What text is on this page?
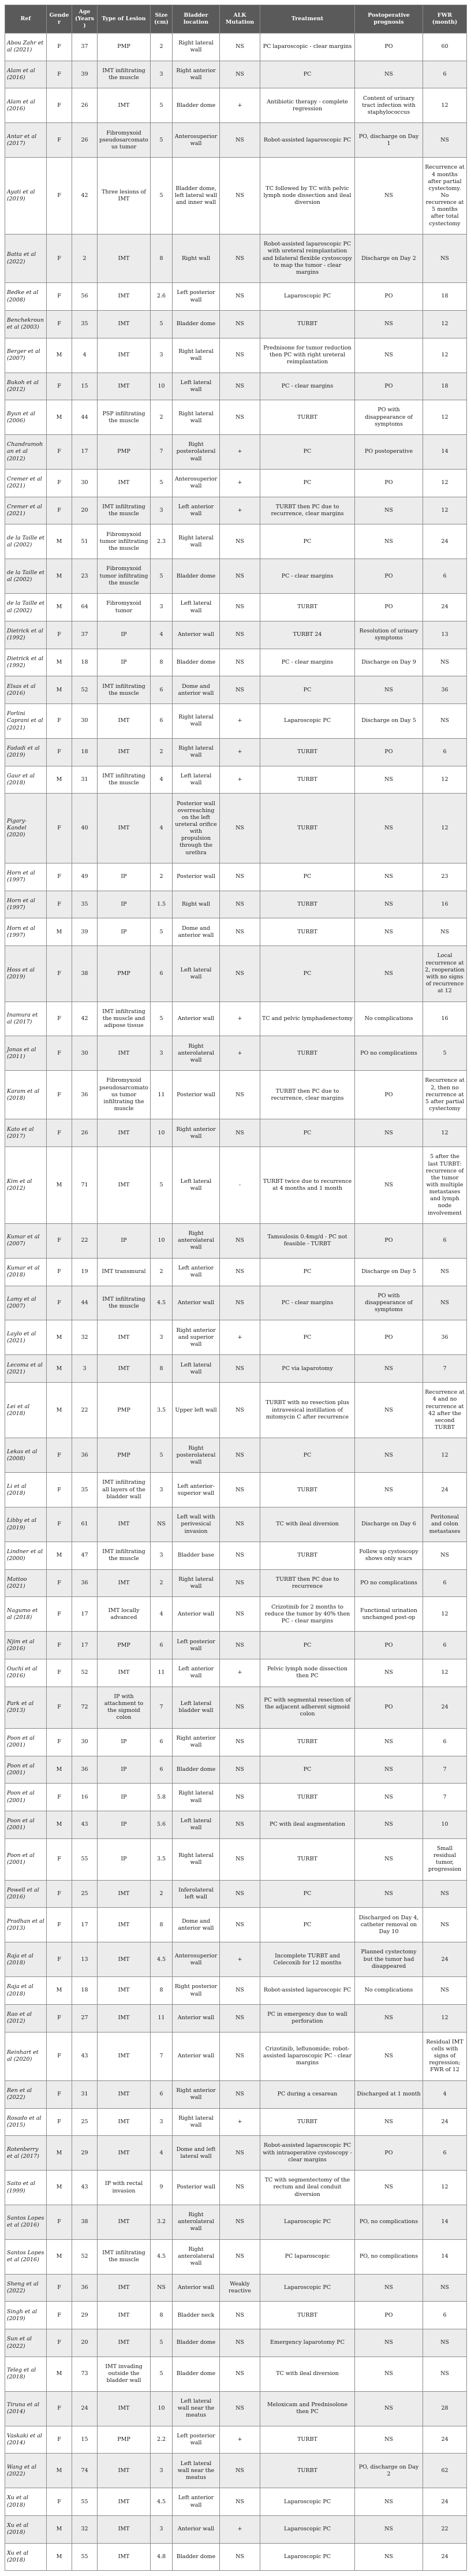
Ref	Gender	Age (Years)	Type of Lesion	Size (cm)	Bladder location	ALK Mutation	Treatment	Postoperative prognosis	FWR (month)
Abou Zahr et al (2021)	F	37	PMP	2	Right lateral wall	NS	PC laparoscopic - clear margins	PO	60
Alam et al (2016)	F	39	IMT infiltrating the muscle	3	Right anterior wall	NS	PC	NS	6
Alam et al (2016)	F	26	IMT	5	Bladder dome	+	Antibiotic therapy - complete regression	Content of urinary tract infection with staphylococcus	12
Antar et al (2017)	F	26	Fibromyxoid pseudosarcomatous tumor	5	Anterosuperior wall	NS	Robot-assisted laparoscopic PC	PO, discharge on Day 1	NS
Ayati et al (2019)	F	42	Three lesions of IMT	5	Bladder dome, left lateral wall and inner wall	NS	TC followed by TC with pelvic lymph node dissection and ileal diversion	NS	Recurrence at 4 months after partial cystectomy. No recurrence at 5 months after total cystectomy
Batta et al (2022)	F	2	IMT	8	Right wall	NS	Robot-assisted laparoscopic PC with ureteral reimplantation and bilateral flexible cystoscopy to map the tumor - clear margins	Discharge on Day 2	NS
Bedke et al (2008)	F	56	IMT	2.6	Left posterior wall	NS	Laparoscopic PC	PO	18
Benchekroun et al (2003)	F	35	IMT	5	Bladder dome	NS	TURBT	NS	12
Berger et al (2007)	M	4	IMT	3	Right lateral wall	NS	Prednisone for tumor reduction then PC with right ureteral reimplantation	NS	12
Bukoh et al (2012)	F	15	IMT	10	Left lateral wall	NS	PC - clear margins	PO	18
Byun et al (2006)	M	44	PSP infiltrating the muscle	2	Right lateral wall	NS	TURBT	PO with disappearance of symptoms	12
Chandramohan et al (2012)	F	17	PMP	7	Right posterolateral wall	+	PC	PO postoperative	14
Cremer et al (2021)	F	30	IMT	5	Anterosuperior wall	+	PC	PO	12
Cremer et al (2021)	F	20	IMT infiltrating the muscle	3	Left anterior wall	+	TURBT then PC due to recurrence, clear margins	NS	12
de la Taille et al (2002)	M	51	Fibromyxoid tumor infiltrating the muscle	2.3	Right lateral wall	NS	PC	NS	24
de la Taille et al (2002)	M	23	Fibromyxoid tumor infiltrating the muscle	5	Bladder dome	NS	PC - clear margins	PO	6
de la Taille et al (2002)	M	64	Fibromyxoid tumor	3	Left lateral wall	NS	TURBT	PO	24
Dietrick et al (1992)	F	37	IP	4	Anterior wall	NS	TURBT 24	Resolution of urinary symptoms	13
Dietrick et al (1992)	M	18	IP	8	Bladder dome	NS	PC - clear margins	Discharge on Day 9	NS
Elsas et al (2016)	M	52	IMT infiltrating the muscle	6	Dome and anterior wall	NS	PC	NS	36
Forlini Caprani et al (2021)	F	30	IMT	6	Right lateral wall	+	Laparoscopic PC	Discharge on Day 5	NS
Fadadi et al (2019)	F	18	IMT	2	Right lateral wall	+	TURBT	PO	6
Gaur et al (2018)	M	31	IMT infiltrating the muscle	4	Left lateral wall	+	TURBT	NS	12
Pigary-Kandel (2020)	F	40	IMT	4	Posterior wall overreaching on the left ureteral orifice with propulsion through the urethra	NS	TURBT	NS	12
Horn et al (1997)	F	49	IP	2	Posterior wall	NS	PC	NS	23
Horn et al (1997)	F	35	IP	1.5	Right wall	NS	TURBT	NS	16
Horn et al (1997)	M	39	IP	5	Dome and anterior wall	NS	TURBT	NS	NS
Hoss et al (2019)	F	38	PMP	6	Left lateral wall	NS	PC	NS	Local recurrence at 2, reoperation with no signs of recurrence at 12
Inamura et al (2017)	F	42	IMT infiltrating the muscle and adipose tissue	5	Anterior wall	+	TC and pelvic lymphadenectomy	No complications	16
Jonas et al (2011)	F	30	IMT	3	Right anterolateral wall	+	TURBT	PO no complications	5
Karam et al (2018)	F	36	Fibromyxoid pseudosarcomatous tumor infiltrating the muscle	11	Posterior wall	NS	TURBT then PC due to recurrence, clear margins	PO	Recurrence at 2, then no recurrence at 5 after partial cystectomy
Kato et al (2017)	F	26	IMT	10	Right anterior wall	NS	PC	NS	12
Kim et al (2012)	M	71	IMT	5	Left lateral wall	-	TURBT twice due to recurrence at 4 months and 1 month	NS	5 after the last TURBT: recurrence of the tumor with multiple metastases and lymph node involvement
Kumar et al (2007)	F	22	IP	10	Right anterolateral wall	NS	Tamsulosin 0.4mg/d - PC not feasible - TURBT	PO	6
Kumar et al (2018)	F	19	IMT transmural	2	Left anterior wall	NS	PC	Discharge on Day 5	NS
Lamy et al (2007)	F	44	IMT infiltrating the muscle	4.5	Anterior wall	NS	PC - clear margins	PO with disappearance of symptoms	NS
Laylo et al (2021)	M	32	IMT	3	Right anterior and superior wall	+	PC	PO	36
Lecoma et al (2021)	M	3	IMT	8	Left lateral wall	NS	PC via laparotomy	NS	7
Lei et al (2018)	M	22	PMP	3.5	Upper left wall	NS	TURBT with no resection plus intravesical instillation of mitomycin C after recurrence	NS	Recurrence at 4 and no recurrence at 42 after the second TURBT
Lekas et al (2008)	F	36	PMP	5	Right posterolateral wall	NS	PC	NS	12
Li et al (2018)	F	35	IMT infiltrating all layers of the bladder wall	3	Left anterior-superior wall	NS	TURBT	NS	24
Libby et al (2019)	F	61	IMT	NS	Left wall with perivesical invasion	NS	TC with ileal diversion	Discharge on Day 6	Peritoneal and colon metastases
Lindner et al (2000)	M	47	IMT infiltrating the muscle	3	Bladder base	NS	TURBT	Follow up cystoscopy shows only scars	NS
Mattoo (2021)	F	36	IMT	2	Right lateral wall	NS	TURBT then PC due to recurrence	PO no complications	6
Nagumo et al (2018)	F	17	IMT locally advanced	4	Anterior wall	NS	Crizotinib for 2 months to reduce the tumor by 40% then PC - clear margins	Functional urination unchanged post-op	12
Njim et al (2016)	F	17	PMP	6	Left posterior wall	NS	PC	PO	6
Ouchi et al (2016)	F	52	IMT	11	Left anterior wall	+	Pelvic lymph node dissection then PC	NS	12
Park et al (2013)	F	72	IP with attachment to the sigmoid colon	7	Left lateral bladder wall	NS	PC with segmental resection of the adjacent adherent sigmoid colon	PO	24
Poon et al (2001)	F	30	IP	6	Right anterior wall	NS	TURBT	NS	6
Poon et al (2001)	M	36	IP	6	Bladder dome	NS	PC	NS	7
Poon et al (2001)	F	16	IP	5.8	Right lateral wall	NS	TURBT	NS	7
Poon et al (2001)	M	43	IP	5.6	Left lateral wall	NS	PC with ileal augmentation	NS	10
Poon et al (2001)	F	55	IP	3.5	Right lateral wall	NS	TURBT	NS	Small residual tumor, progression
Powell et al (2016)	F	25	IMT	2	Inferolateral left wall	NS	PC	NS	NS
Pradhan et al (2013)	F	17	IMT	8	Dome and anterior wall	NS	PC	Discharged on Day 4, catheter removal on Day 10	NS
Raja et al (2018)	F	13	IMT	4.5	Anterosuperior wall	+	Incomplete TURBT and Celecoxib for 12 months	Planned cystectomy but the tumor had disappeared	24
Raja et al (2018)	M	18	IMT	8	Right posterior wall	NS	Robot-assisted laparoscopic PC	No complications	NS
Rao et al (2012)	F	27	IMT	11	Anterior wall	NS	PC in emergency due to wall perforation	NS	12
Reinhart et al (2020)	F	43	IMT	7	Anterior wall	NS	Crizotinib, leflunomide; robot-assisted laparoscopic PC - clear margins	NS	Residual IMT cells with signs of regression; FWR of 12
Ren et al (2022)	F	31	IMT	6	Right anterior wall	NS	PC during a cesarean	Discharged at 1 month	4
Rosado et al (2015)	F	25	IMT	3	Right lateral wall	+	TURBT	NS	24
Rotenberry et al (2017)	M	29	IMT	4	Dome and left lateral wall	NS	Robot-assisted laparoscopic PC with intraoperative cystoscopy - clear margins	PO	6
Saito et al (1999)	M	43	IP with rectal invasion	9	Posterior wall	NS	TC with segmentectomy of the rectum and ileal conduit diversion	NS	12
Santos Lopes et al (2016)	F	38	IMT	3.2	Right anterolateral wall	NS	Laparoscopic PC	PO, no complications	14
Santos Lopes et al (2016)	M	52	IMT infiltrating the muscle	4.5	Right anterolateral wall	NS	PC laparoscopic	PO, no complications	14
Sheng et al (2022)	F	36	IMT	NS	Anterior wall	Weakly reactive	Laparoscopic PC	NS	NS
Singh et al (2019)	F	29	IMT	8	Bladder neck	NS	TURBT	PO	6
Sun et al (2022)	F	20	IMT	5	Bladder dome	NS	Emergency laparotomy PC	NS	NS
Teleg et al (2018)	M	73	IMT invading outside the bladder wall	5	Bladder dome	NS	TC with ileal diversion	NS	NS
Tiruna et al (2014)	F	24	IMT	10	Left lateral wall near the meatus	NS	Meloxicam and Prednisolone then PC	NS	28
Vaskaki et al (2014)	F	15	PMP	2.2	Left posterior wall	+	TURBT	NS	24
Wang et al (2022)	M	74	IMT	3	Left lateral wall near the meatus	NS	TURBT	PO, discharge on Day 2	62
Xu et al (2018)	F	55	IMT	4.5	Left anterior wall	NS	Laparoscopic PC	NS	24
Xu et al (2018)	M	32	IMT	3	Anterior wall	+	Laparoscopic PC	NS	22
Xu et al (2018)	M	55	IMT	4.8	Bladder dome	NS	Laparoscopic PC	NS	24
